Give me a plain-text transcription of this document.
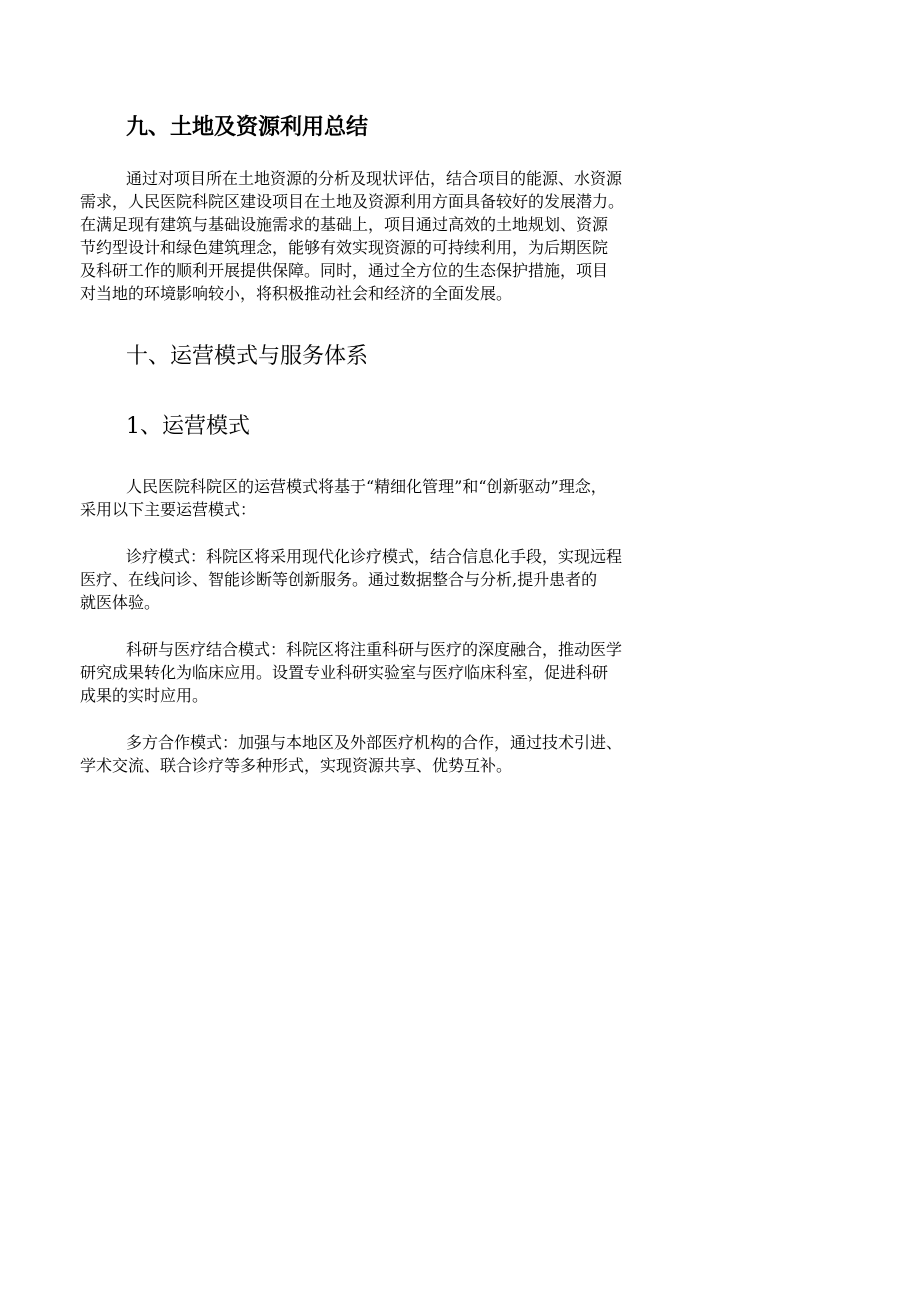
九、土地及资源利用总结

通过对项目所在土地资源的分析及现状评估，结合项目的能源、水资源
需求，人民医院科院区建设项目在土地及资源利用方面具备较好的发展潜力。
在满足现有建筑与基础设施需求的基础上，项目通过高效的土地规划、资源
节约型设计和绿色建筑理念，能够有效实现资源的可持续利用，为后期医院
及科研工作的顺利开展提供保障。同时，通过全方位的生态保护措施，项目
对当地的环境影响较小，将积极推动社会和经济的全面发展。

十、运营模式与服务体系

1、运营模式

人民医院科院区的运营模式将基于“精细化管理”和“创新驱动”理念，
采用以下主要运营模式：
诊疗模式：科院区将采用现代化诊疗模式，结合信息化手段，实现远程
医疗、在线问诊、智能诊断等创新服务。通过数据整合与分析,提升患者的
就医体验。
科研与医疗结合模式：科院区将注重科研与医疗的深度融合，推动医学
研究成果转化为临床应用。设置专业科研实验室与医疗临床科室，促进科研
成果的实时应用。
多方合作模式：加强与本地区及外部医疗机构的合作，通过技术引进、
学术交流、联合诊疗等多种形式，实现资源共享、优势互补。
